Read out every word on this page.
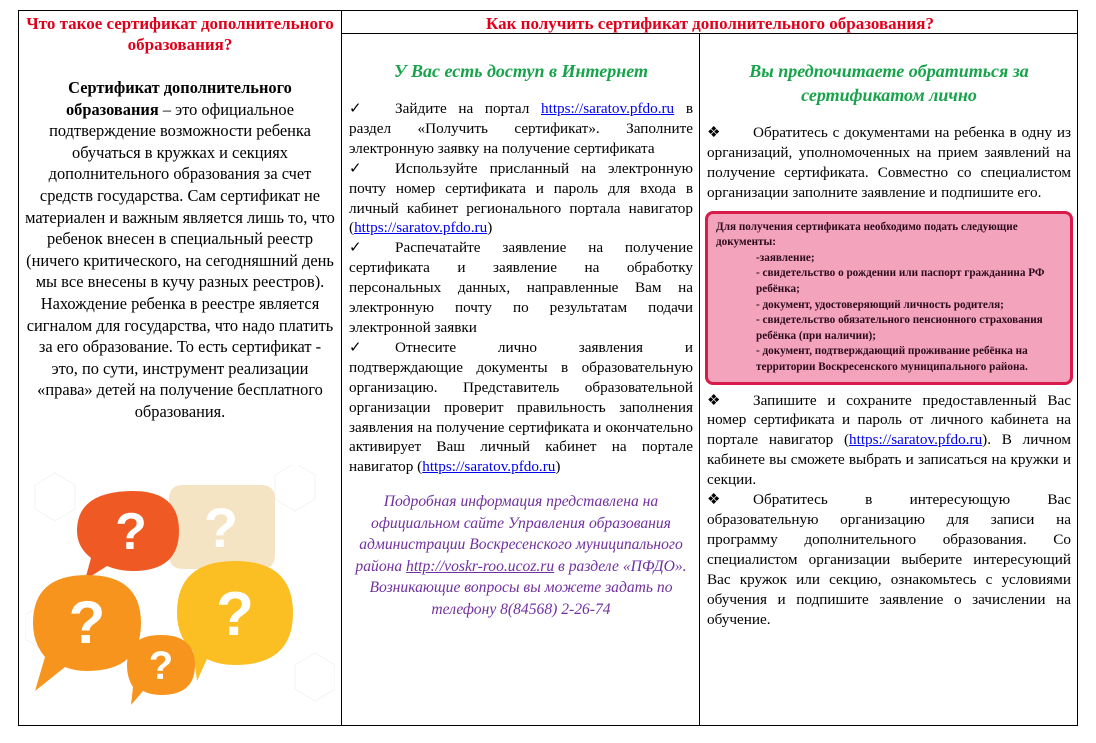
Что такое сертификат дополнительного образования?
Сертификат дополнительного образования – это официальное подтверждение возможности ребенка обучаться в кружках и секциях дополнительного образования за счет средств государства. Сам сертификат не материален и важным является лишь то, что ребенок внесен в специальный реестр (ничего критического, на сегодняшний день мы все внесены в кучу разных реестров). Нахождение ребенка в реестре является сигналом для государства, что надо платить за его образование. То есть сертификат - это, по сути, инструмент реализации «права» детей на получение бесплатного образования.
?
?
? ?
?
Как получить сертификат дополнительного образования?
У Вас есть доступ в Интернет
✓ Зайдите на портал https://saratov.pfdo.ru в раздел «Получить сертификат». Заполните электронную заявку на получение сертификата
✓ Используйте присланный на электронную почту номер сертификата и пароль для входа в личный кабинет регионального портала навигатор (https://saratov.pfdo.ru)
✓ Распечатайте заявление на получение сертификата и заявление на обработку персональных данных, направленные Вам на электронную почту по результатам подачи электронной заявки
✓ Отнесите лично заявления и подтверждающие документы в образовательную организацию. Представитель образовательной организации проверит правильность заполнения заявления на получение сертификата и окончательно активирует Ваш личный кабинет на портале навигатор (https://saratov.pfdo.ru)
Подробная информация представлена на официальном сайте Управления образования администрации Воскресенского муниципального района http://voskr-roo.ucoz.ru в разделе «ПФДО». Возникающие вопросы вы можете задать по телефону 8(84568) 2-26-74
Вы предпочитаете обратиться за сертификатом лично
❖ Обратитесь с документами на ребенка в одну из организаций, уполномоченных на прием заявлений на получение сертификата. Совместно со специалистом организации заполните заявление и подпишите его.
Для получения сертификата необходимо подать следующие документы:
-заявление;
- свидетельство о рождении или паспорт гражданина РФ ребёнка;
- документ, удостоверяющий личность родителя;
- свидетельство обязательного пенсионного страхования ребёнка (при наличии);
- документ, подтверждающий проживание ребёнка на территории Воскресенского муниципального района.
❖ Запишите и сохраните предоставленный Вас номер сертификата и пароль от личного кабинета на портале навигатор (https://saratov.pfdo.ru). В личном кабинете вы сможете выбрать и записаться на кружки и секции.
❖ Обратитесь в интересующую Вас образовательную организацию для записи на программу дополнительного образования. Со специалистом организации выберите интересующий Вас кружок или секцию, ознакомьтесь с условиями обучения и подпишите заявление о зачислении на обучение.
